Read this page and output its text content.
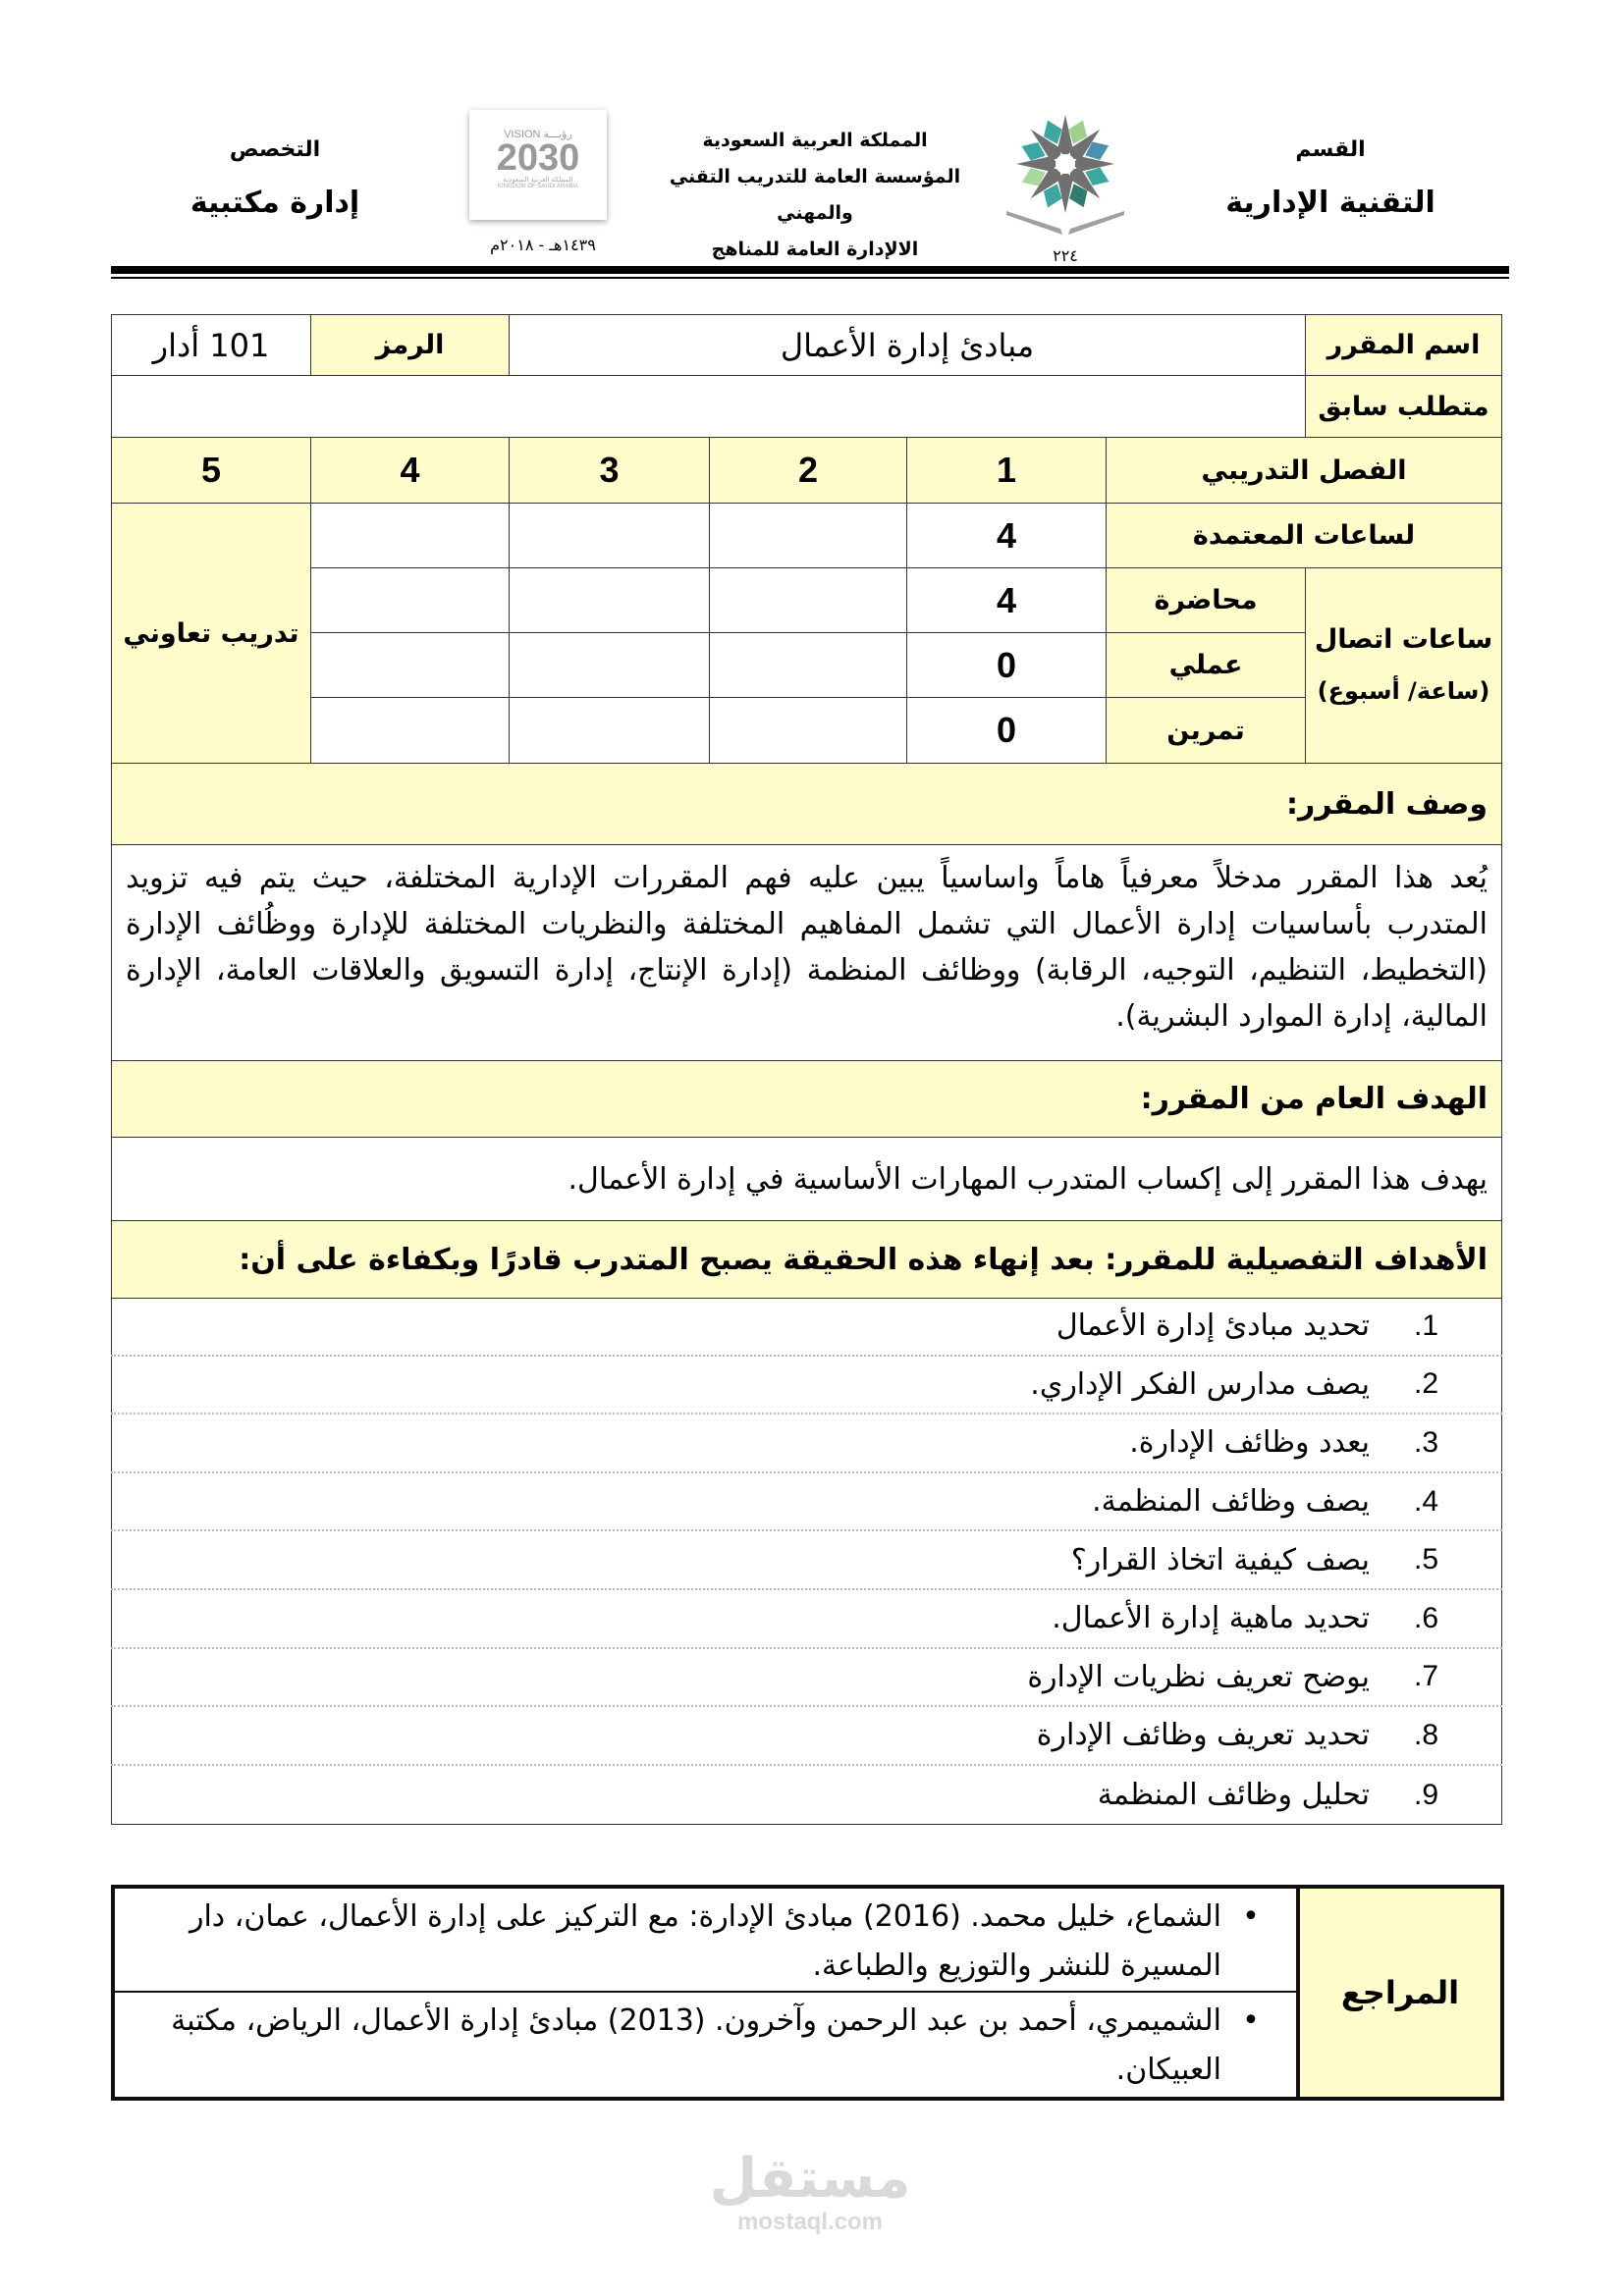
القسم
التقنية الإدارية
٢٢٤
المملكة العربية السعودية
المؤسسة العامة للتدريب التقني والمهني
الالإدارة العامة للمناهج
VISION رؤيـــة
2030
المملكة العربية السعودية
KINGDOM OF SAUDI ARABIA
١٤٣٩هـ - ٢٠١٨م
التخصص
إدارة مكتبية
اسم المقرر
مبادئ إدارة الأعمال
الرمز
101 أدار
متطلب سابق
الفصل التدريبي
1
2
3
4
5
لساعات المعتمدة
4
ساعات اتصال
(ساعة/ أسبوع)
محاضرة
4
عملي
0
تمرين
0
تدريب تعاوني
وصف المقرر:
يُعد هذا المقرر مدخلاً معرفياً هاماً واساسياً يبين عليه فهم المقررات الإدارية المختلفة، حيث يتم فيه تزويد المتدرب بأساسيات إدارة الأعمال التي تشمل المفاهيم المختلفة والنظريات المختلفة للإدارة ووظُائف الإدارة (التخطيط، التنظيم، التوجيه، الرقابة) ووظائف المنظمة (إدارة الإنتاج، إدارة التسويق والعلاقات العامة، الإدارة المالية، إدارة الموارد البشرية).
الهدف العام من المقرر:
يهدف هذا المقرر إلى إكساب المتدرب المهارات الأساسية في إدارة الأعمال.
الأهداف التفصيلية للمقرر: بعد إنهاء هذه الحقيقة يصبح المتدرب قادرًا وبكفاءة على أن:
1.
تحديد مبادئ إدارة الأعمال
2.
يصف مدارس الفكر الإداري.
3.
يعدد وظائف الإدارة.
4.
يصف وظائف المنظمة.
5.
يصف كيفية اتخاذ القرار؟
6.
تحديد ماهية إدارة الأعمال.
7.
يوضح تعريف نظريات الإدارة
8.
تحديد تعريف وظائف الإدارة
9.
تحليل وظائف المنظمة
المراجع
•
الشماع، خليل محمد. (2016) مبادئ الإدارة: مع التركيز على إدارة الأعمال، عمان، دار المسيرة للنشر والتوزيع والطباعة.
•
الشميمري، أحمد بن عبد الرحمن وآخرون. (2013) مبادئ إدارة الأعمال، الرياض، مكتبة العبيكان.
مستقل
mostaql.com
